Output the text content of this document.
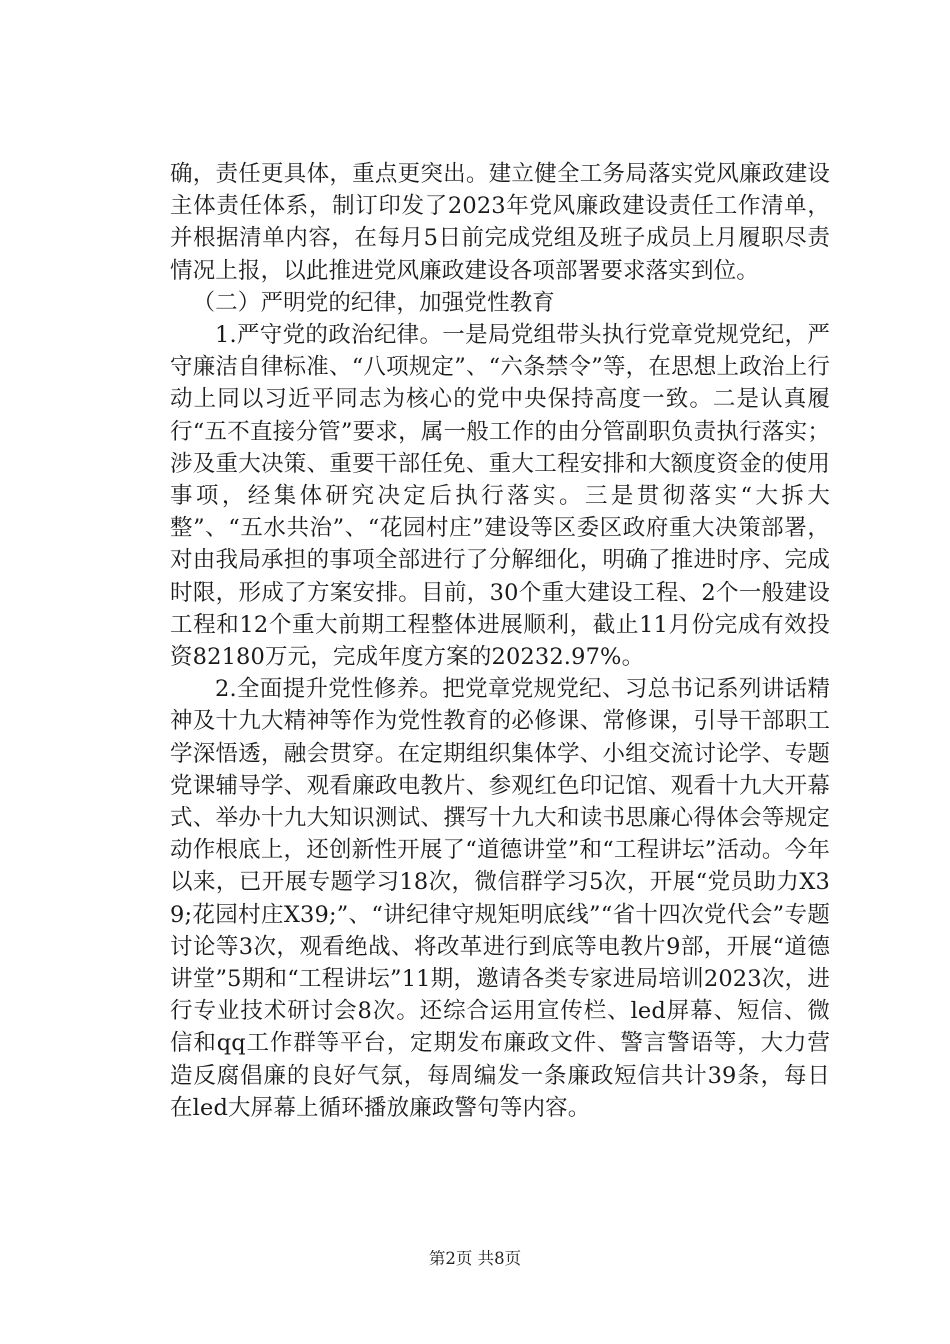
确，责任更具体，重点更突出。建立健全工务局落实党风廉政建设主体责任体系，制订印发了2023年党风廉政建设责任工作清单，并根据清单内容，在每月5日前完成党组及班子成员上月履职尽责情况上报，以此推进党风廉政建设各项部署要求落实到位。

（二）严明党的纪律，加强党性教育

1.严守党的政治纪律。一是局党组带头执行党章党规党纪，严守廉洁自律标准、“八项规定”、“六条禁令”等，在思想上政治上行动上同以习近平同志为核心的党中央保持高度一致。二是认真履行“五不直接分管”要求，属一般工作的由分管副职负责执行落实；涉及重大决策、重要干部任免、重大工程安排和大额度资金的使用事项，经集体研究决定后执行落实。三是贯彻落实“大拆大整”、“五水共治”、“花园村庄”建设等区委区政府重大决策部署，对由我局承担的事项全部进行了分解细化，明确了推进时序、完成时限，形成了方案安排。目前，30个重大建设工程、2个一般建设工程和12个重大前期工程整体进展顺利，截止11月份完成有效投资82180万元，完成年度方案的20232.97%。

2.全面提升党性修养。把党章党规党纪、习总书记系列讲话精神及十九大精神等作为党性教育的必修课、常修课，引导干部职工学深悟透，融会贯穿。在定期组织集体学、小组交流讨论学、专题党课辅导学、观看廉政电教片、参观红色印记馆、观看十九大开幕式、举办十九大知识测试、撰写十九大和读书思廉心得体会等规定动作根底上，还创新性开展了“道德讲堂”和“工程讲坛”活动。今年以来，已开展专题学习18次，微信群学习5次，开展“党员助力X39;花园村庄X39;”、“讲纪律守规矩明底线”“省十四次党代会”专题讨论等3次，观看绝战、将改革进行到底等电教片9部，开展“道德讲堂”5期和“工程讲坛”11期，邀请各类专家进局培训2023次，进行专业技术研讨会8次。还综合运用宣传栏、led屏幕、短信、微信和qq工作群等平台，定期发布廉政文件、警言警语等，大力营造反腐倡廉的良好气氛，每周编发一条廉政短信共计39条，每日在led大屏幕上循环播放廉政警句等内容。

第2页 共8页
